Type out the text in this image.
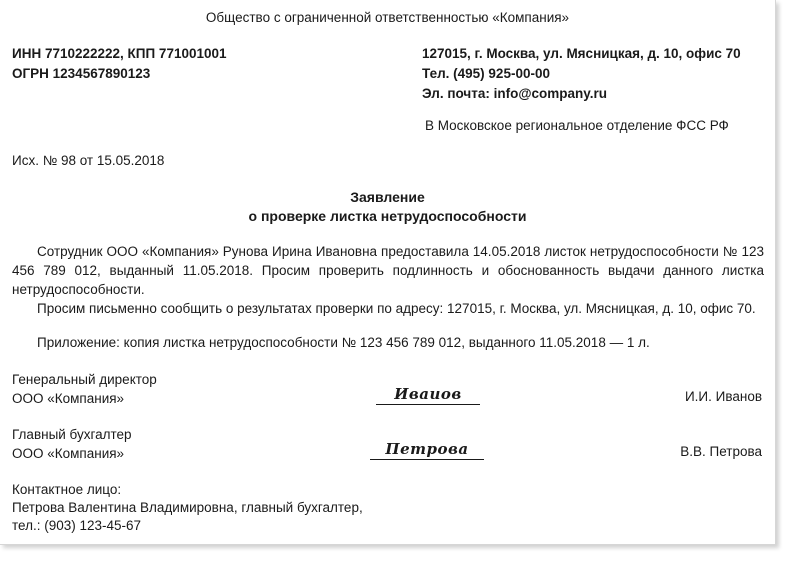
Общество с ограниченной ответственностью «Компания»
ИНН 7710222222, КПП 771001001
ОГРН 1234567890123
127015, г. Москва, ул. Мясницкая, д. 10, офис 70
Тел. (495) 925-00-00
Эл. почта: info@company.ru
В Московское региональное отделение ФСС РФ
Исх. № 98 от 15.05.2018
Заявление
о проверке листка нетрудоспособности

Сотрудник ООО «Компания» Рунова Ирина Ивановна предоставила 14.05.2018 листок нетрудоспособности № 123 456 789 012, выданный 11.05.2018. Просим проверить подлинность и обоснованность выдачи данного листка нетрудоспособности.

Просим письменно сообщить о результатах проверки по адресу: 127015, г. Москва, ул. Мясницкая, д. 10, офис 70.

Приложение: копия листка нетрудоспособности № 123 456 789 012, выданного 11.05.2018 — 1 л.
Генеральный директор
ООО «Компания»	Иваиов	И.И. Иванов
Главный бухгалтер
ООО «Компания»	Петрова	В.В. Петрова
Контактное лицо:
Петрова Валентина Владимировна, главный бухгалтер,
тел.: (903) 123-45-67
